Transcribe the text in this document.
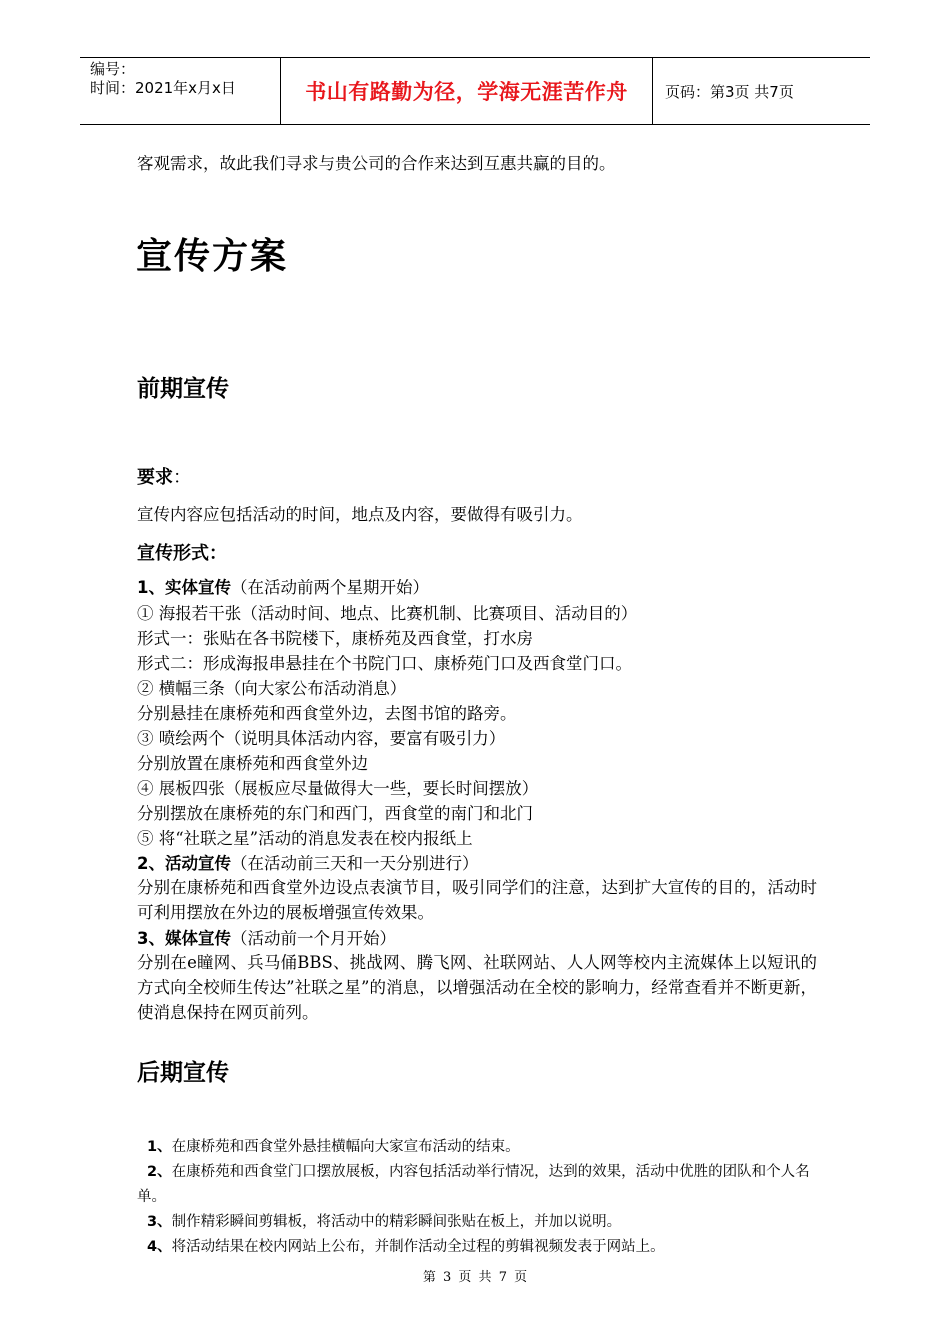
编号：
时间：2021年x月x日	书山有路勤为径，学海无涯苦作舟	页码：第3页 共7页
客观需求，故此我们寻求与贵公司的合作来达到互惠共赢的目的。
宣传方案
前期宣传
要求：
宣传内容应包括活动的时间，地点及内容，要做得有吸引力。
宣传形式：
1、实体宣传（在活动前两个星期开始）
① 海报若干张（活动时间、地点、比赛机制、比赛项目、活动目的）
形式一：张贴在各书院楼下，康桥苑及西食堂，打水房
形式二：形成海报串悬挂在个书院门口、康桥苑门口及西食堂门口。
② 横幅三条（向大家公布活动消息）
分别悬挂在康桥苑和西食堂外边，去图书馆的路旁。
③ 喷绘两个（说明具体活动内容，要富有吸引力）
分别放置在康桥苑和西食堂外边
④ 展板四张（展板应尽量做得大一些，要长时间摆放）
分别摆放在康桥苑的东门和西门，西食堂的南门和北门
⑤ 将“社联之星”活动的消息发表在校内报纸上
2、活动宣传（在活动前三天和一天分别进行）
分别在康桥苑和西食堂外边设点表演节目，吸引同学们的注意，达到扩大宣传的目的，活动时可利用摆放在外边的展板增强宣传效果。
3、媒体宣传（活动前一个月开始）
分别在e瞳网、兵马俑BBS、挑战网、腾飞网、社联网站、人人网等校内主流媒体上以短讯的方式向全校师生传达”社联之星”的消息，以增强活动在全校的影响力，经常查看并不断更新，使消息保持在网页前列。
后期宣传
1、在康桥苑和西食堂外悬挂横幅向大家宣布活动的结束。
2、在康桥苑和西食堂门口摆放展板，内容包括活动举行情况，达到的效果，活动中优胜的团队和个人名单。
3、制作精彩瞬间剪辑板，将活动中的精彩瞬间张贴在板上，并加以说明。
4、将活动结果在校内网站上公布，并制作活动全过程的剪辑视频发表于网站上。
第 3 页 共 7 页
